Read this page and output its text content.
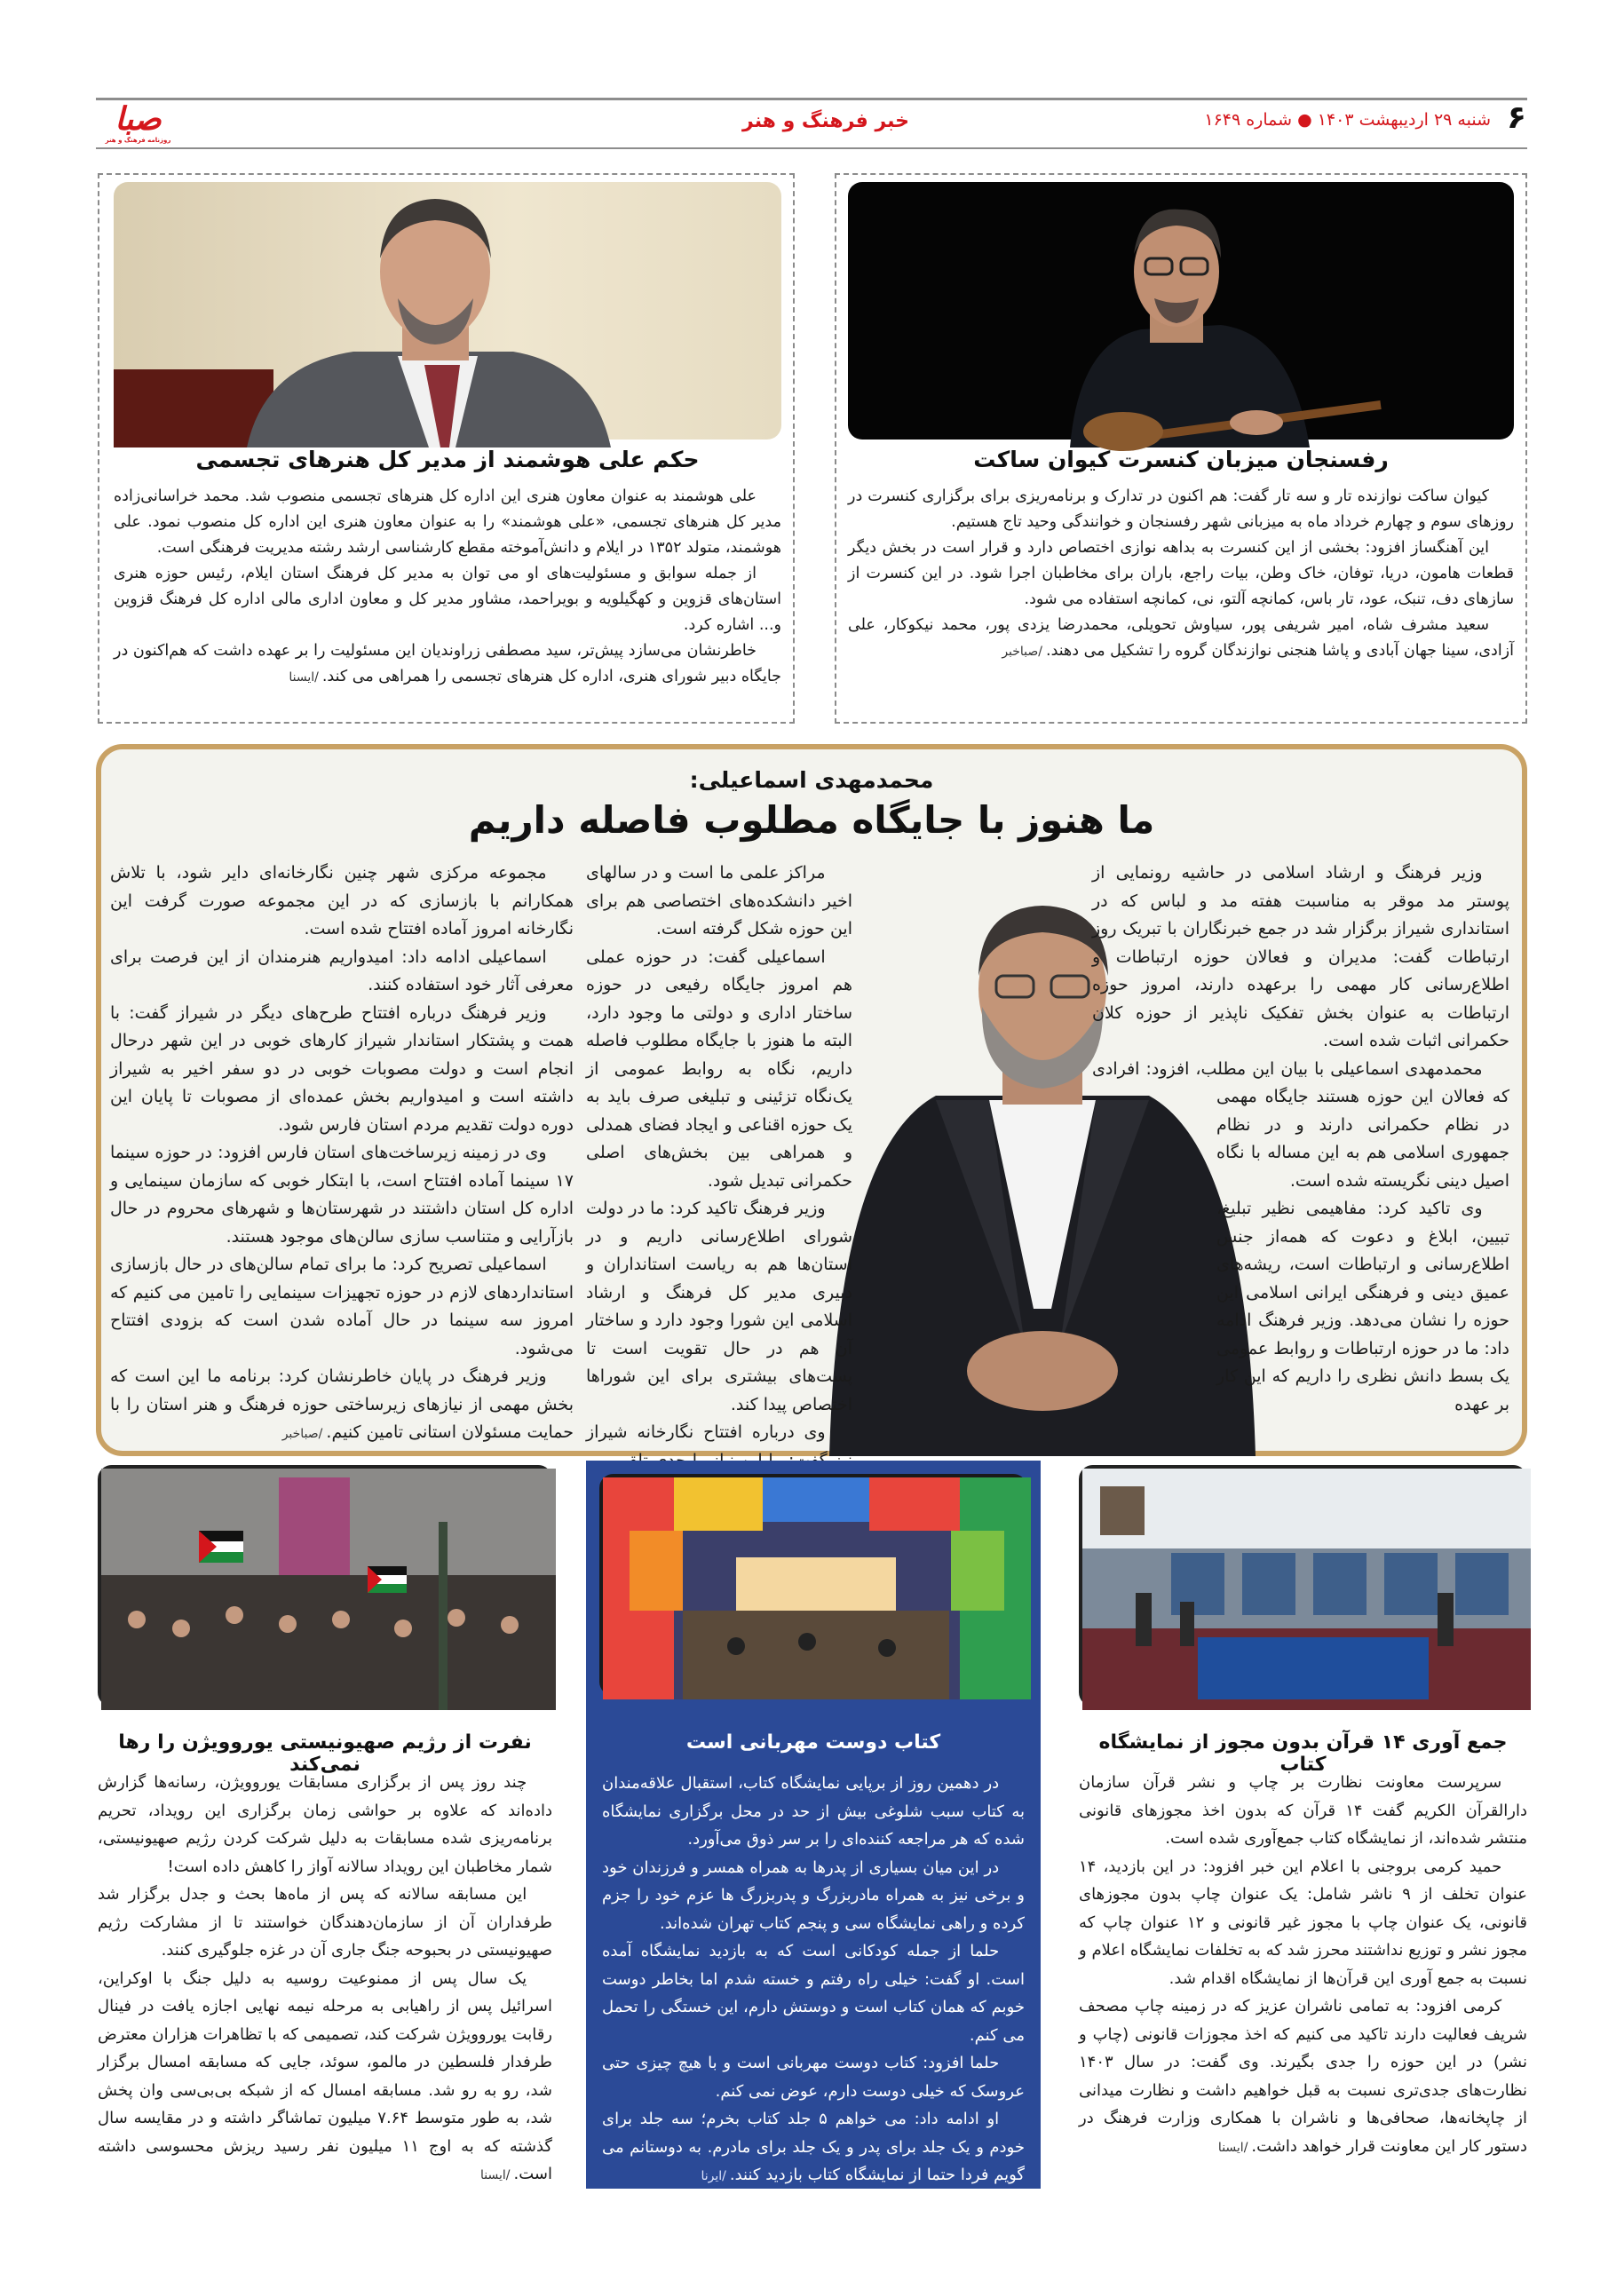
صبا
روزنامه فرهنگ و هنر
خبر فرهنگ و هنر	شنبه ۲۹ اردیبهشت ۱۴۰۳ ● شماره ۱۶۴۹	۶
رفسنجان میزبان کنسرت کیوان ساکت

کیوان ساکت نوازنده تار و سه تار گفت: هم اکنون در تدارک و برنامه‌ریزی برای برگزاری کنسرت در روزهای سوم و چهارم خرداد ماه به میزبانی شهر رفسنجان و خوانندگی وحید تاج هستیم.

این آهنگساز افزود: بخشی از این کنسرت به بداهه نوازی اختصاص دارد و قرار است در بخش دیگر قطعات هامون، دریا، توفان، خاک وطن، بیات راجع، باران برای مخاطبان اجرا شود. در این کنسرت از سازهای دف، تنبک، عود، تار باس، کمانچه آلتو، نی، کمانچه استفاده می شود.

سعید مشرف شاه، امیر شریفی پور، سیاوش تحویلی، محمدرضا یزدی پور، محمد نیکوکار، علی آزادی، سینا جهان آبادی و پاشا هنجنی نوازندگان گروه را تشکیل می دهند./صباخبر

حکم علی هوشمند از مدیر کل هنرهای تجسمی

علی هوشمند به عنوان معاون هنری این اداره کل هنرهای تجسمی منصوب شد. محمد خراسانی‌زاده مدیر کل هنرهای تجسمی، «علی هوشمند» را به عنوان معاون هنری این اداره کل منصوب نمود. علی هوشمند، متولد ۱۳۵۲ در ایلام و دانش‌آموخته مقطع کارشناسی ارشد رشته مدیریت فرهنگی است.

از جمله سوابق و مسئولیت‌های او می توان به مدیر کل فرهنگ استان ایلام، رئیس حوزه هنری استان‌های قزوین و کهگیلویه و بویراحمد، مشاور مدیر کل و معاون اداری مالی اداره کل فرهنگ قزوین و... اشاره کرد.

خاطرنشان می‌سازد پیش‌تر، سید مصطفی زراوندیان این مسئولیت را بر عهده داشت که هم‌اکنون در جایگاه دبیر شورای هنری، اداره کل هنرهای تجسمی را همراهی می کند./ایسنا

محمدمهدی اسماعیلی:
ما هنوز با جایگاه مطلوب فاصله داریم

وزیر فرهنگ و ارشاد اسلامی در حاشیه رونمایی از پوستر مد موقر به مناسبت هفته مد و لباس که در استانداری شیراز برگزار شد در جمع خبرنگاران با تبریک روز ارتباطات گفت: مدیران و فعالان حوزه ارتباطات و اطلاع‌رسانی کار مهمی را برعهده دارند، امروز حوزه ارتباطات به عنوان بخش تفکیک ناپذیر از حوزه کلان حکمرانی اثبات شده است.

محمدمهدی اسماعیلی با بیان این مطلب، افزود: افرادی که فعالان این حوزه هستند جایگاه مهمی در نظام حکمرانی دارند و در نظام جمهوری اسلامی هم به این مساله با نگاه اصیل دینی نگریسته شده است.

وی تاکید کرد: مفاهیمی نظیر تبلیغ، تبیین، ابلاغ و دعوت که همه‌از جنس اطلاع‌رسانی و ارتباطات است، ریشه‌های عمیق دینی و فرهنگی ایرانی اسلامی این حوزه را نشان می‌دهد. وزیر فرهنگ ادامه داد: ما در حوزه ارتباطات و روابط عمومی یک بسط دانش نظری را داریم که این کار بر عهده

مراکز علمی ما است و در سالهای اخیر دانشکده‌های اختصاصی هم برای این حوزه شکل گرفته است.

اسماعیلی گفت: در حوزه عملی هم امروز جایگاه رفیعی در حوزه ساختار اداری و دولتی ما وجود دارد، البته ما هنوز با جایگاه مطلوب فاصله داریم، نگاه به روابط عمومی از یک‌نگاه تزئینی و تبلیغی صرف باید به یک حوزه اقناعی و ایجاد فضای همدلی و همراهی بین بخش‌های اصلی حکمرانی تبدیل شود.

وزیر فرهنگ تاکید کرد: ما در دولت شورای اطلاع‌رسانی داریم و در استان‌ها هم به ریاست استانداران و دبیری مدیر کل فرهنگ و ارشاد اسلامی این شورا وجود دارد و ساختار آن هم در حال تقویت است تا پست‌های بیشتری برای این شوراها اختصاص پیدا کند.

وی درباره افتتاح نگارخانه شیراز

مجموعه مرکزی شهر چنین نگارخانه‌ای دایر شود، با تلاش همکارانم با بازسازی که در این مجموعه صورت گرفت این نگارخانه امروز آماده افتتاح شده است.

اسماعیلی ادامه داد: امیدواریم هنرمندان از این فرصت برای معرفی آثار خود استفاده کنند.

وزیر فرهنگ درباره افتتاح طرح‌های دیگر در شیراز گفت: با همت و پشتکار استاندار شیراز کارهای خوبی در این شهر درحال انجام است و دولت مصوبات خوبی در دو سفر اخیر به شیراز داشته است و امیدواریم بخش عمده‌ای از مصوبات تا پایان این دوره دولت تقدیم مردم استان فارس شود.

وی در زمینه زیرساخت‌های استان فارس افزود: در حوزه سینما ۱۷ سینما آماده افتتاح است، با ابتکار خوبی که سازمان سینمایی و اداره کل استان داشتند در شهرستان‌ها و شهرهای محروم در حال بازآرایی و متناسب سازی سالن‌های موجود هستند.

اسماعیلی تصریح کرد: ما برای تمام سالن‌های در حال بازسازی استانداردهای لازم در حوزه تجهیزات سینمایی را تامین می کنیم که امروز سه سینما در حال آماده شدن است که بزودی افتتاح می‌شود.

وزیر فرهنگ در پایان خاطرنشان کرد: برنامه ما این است که بخش مهمی از نیازهای زیرساختی حوزه فرهنگ و هنر استان را با حمایت مسئولان استانی تامین کنیم./صباخبر

جمع آوری ۱۴ قرآن بدون مجوز از نمایشگاه کتاب

سرپرست معاونت نظارت بر چاپ و نشر قرآن سازمان دارالقرآن الکریم گفت ۱۴ قرآن که بدون اخذ مجوزهای قانونی منتشر شده‌اند، از نمایشگاه کتاب جمع‌آوری شده است.

حمید کرمی بروجنی با اعلام این خبر افزود: در این بازدید، ۱۴ عنوان تخلف از ۹ ناشر شامل: یک عنوان چاپ بدون مجوزهای قانونی، یک عنوان چاپ با مجوز غیر قانونی و ۱۲ عنوان چاپ که مجوز نشر و توزیع نداشتند محرز شد که به تخلفات نمایشگاه اعلام و نسبت به جمع آوری این قرآن‌ها از نمایشگاه اقدام شد.

کرمی افزود: به تمامی ناشران عزیز که در زمینه چاپ مصحف شریف فعالیت دارند تاکید می کنیم که اخذ مجوزات قانونی (چاپ و نشر) در این حوزه را جدی بگیرند. وی گفت: در سال ۱۴۰۳ نظارت‌های جدی‌تری نسبت به قبل خواهیم داشت و نظارت میدانی از چاپخانه‌ها، صحافی‌ها و ناشران با همکاری وزارت فرهنگ در دستور کار این معاونت قرار خواهد داشت./ایسنا

کتاب دوست مهربانی است

در دهمین روز از برپایی نمایشگاه کتاب، استقبال علاقه‌مندان به کتاب سبب شلوغی بیش از حد در محل برگزاری نمایشگاه شده که هر مراجعه کننده‌ای را بر سر ذوق می‌آورد.

در این میان بسیاری از پدرها به همراه همسر و فرزندان خود و برخی نیز به همراه مادربزرگ و پدربزرگ ها عزم خود را جزم کرده و راهی نمایشگاه سی و پنجم کتاب تهران شده‌اند.

حلما از جمله کودکانی است که به بازدید نمایشگاه آمده است. او گفت: خیلی راه رفتم و خسته شدم اما بخاطر دوست خوبم که همان کتاب است و دوستش دارم، این خستگی را تحمل می کنم.

حلما افزود: کتاب دوست مهربانی است و با هیچ چیزی حتی عروسک که خیلی دوست دارم، عوض نمی کنم.

او ادامه داد: می خواهم ۵ جلد کتاب بخرم؛ سه جلد برای خودم و یک جلد برای پدر و یک جلد برای مادرم. به دوستانم می گویم فردا حتما از نمایشگاه کتاب بازدید کنند./ایرنا

نفرت از رژیم صهیونیستی یوروویژن را رها نمی‌کند

چند روز پس از برگزاری مسابقات یوروویژن، رسانه‌ها گزارش داده‌اند که علاوه بر حواشی زمان برگزاری این رویداد، تحریم برنامه‌ریزی شده مسابقات به دلیل شرکت کردن رژیم صهیونیستی، شمار مخاطبان این رویداد سالانه آواز را کاهش داده است!

این مسابقه سالانه که پس از ماه‌ها بحث و جدل برگزار شد طرفداران آن از سازمان‌دهندگان خواستند تا از مشارکت رژیم صهیونیستی در بحبوحه جنگ جاری آن در غزه جلوگیری کنند.

یک سال پس از ممنوعیت روسیه به دلیل جنگ با اوکراین، اسرائیل پس از راهیابی به مرحله نیمه نهایی اجازه یافت در فینال رقابت یوروویژن شرکت کند، تصمیمی که با تظاهرات هزاران معترض طرفدار فلسطین در مالمو، سوئد، جایی که مسابقه امسال برگزار شد، رو به رو شد. مسابقه امسال که از شبکه بی‌بی‌سی وان پخش شد، به طور متوسط ۷.۶۴ میلیون تماشاگر داشته و در مقایسه سال گذشته که به اوج ۱۱ میلیون نفر رسید ریزش محسوسی داشته است./ایسنا
